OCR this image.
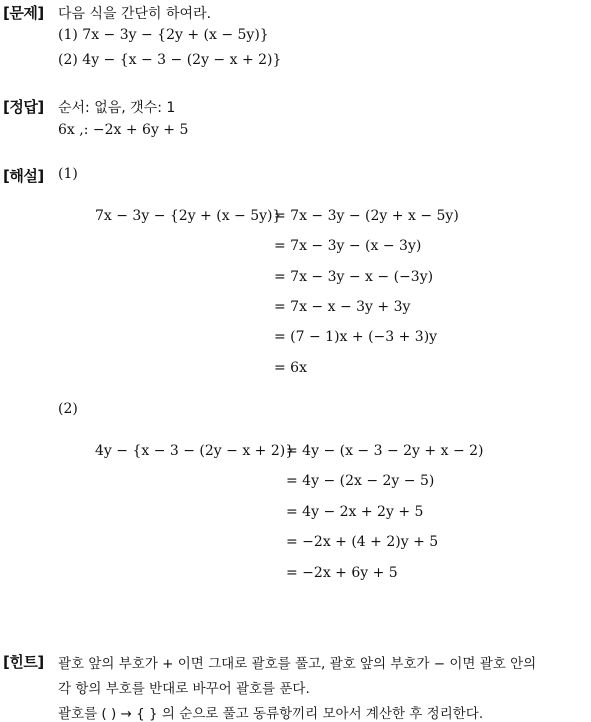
[문제] 다음 식을 간단히 하여라.
(1) 7x − 3y − {2y + (x − 5y)}
(2) 4y − {x − 3 − (2y − x + 2)}
[정답] 순서: 없음, 갯수: 1
6x ,: −2x + 6y + 5
[해설] (1)
7x − 3y − {2y + (x − 5y)}
= 7x − 3y − (2y + x − 5y)
= 7x − 3y − (x − 3y)
= 7x − 3y − x − (−3y)
= 7x − x − 3y + 3y
= (7 − 1)x + (−3 + 3)y
= 6x
(2)
4y − {x − 3 − (2y − x + 2)}
= 4y − (x − 3 − 2y + x − 2)
= 4y − (2x − 2y − 5)
= 4y − 2x + 2y + 5
= −2x + (4 + 2)y + 5
= −2x + 6y + 5
[힌트] 괄호 앞의 부호가 + 이면 그대로 괄호를 풀고, 괄호 앞의 부호가 − 이면 괄호 안의
각 항의 부호를 반대로 바꾸어 괄호를 푼다.
괄호를 ( ) → { } 의 순으로 풀고 동류항끼리 모아서 계산한 후 정리한다.
